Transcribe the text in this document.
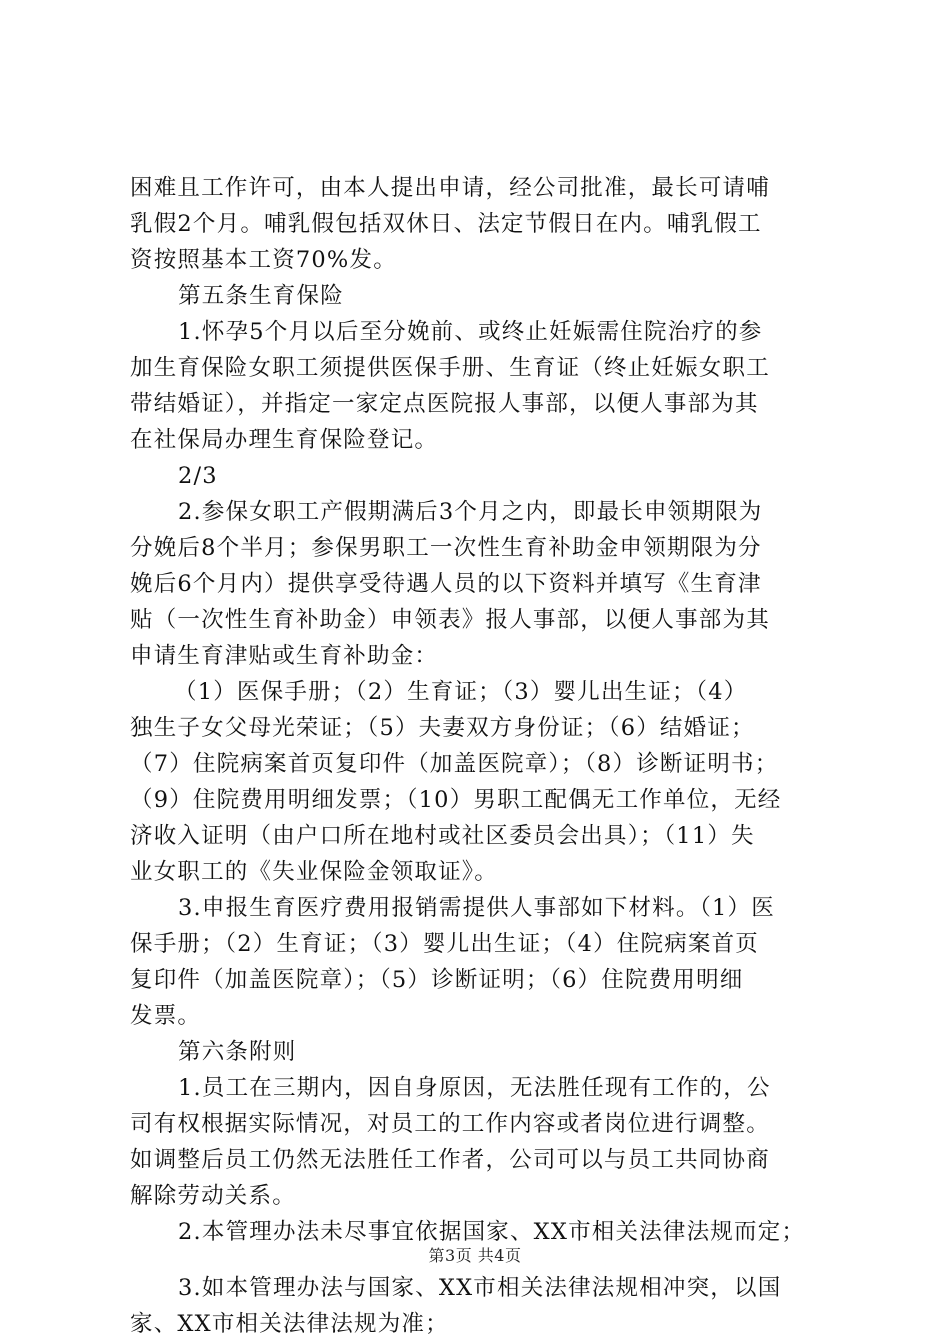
困难且工作许可，由本人提出申请，经公司批准，最长可请哺
乳假2个月。哺乳假包括双休日、法定节假日在内。哺乳假工
资按照基本工资70%发。
第五条生育保险
1.怀孕5个月以后至分娩前、或终止妊娠需住院治疗的参
加生育保险女职工须提供医保手册、生育证（终止妊娠女职工
带结婚证），并指定一家定点医院报人事部，以便人事部为其
在社保局办理生育保险登记。
2/3
2.参保女职工产假期满后3个月之内，即最长申领期限为
分娩后8个半月；参保男职工一次性生育补助金申领期限为分
娩后6个月内）提供享受待遇人员的以下资料并填写《生育津
贴（一次性生育补助金）申领表》报人事部，以便人事部为其
申请生育津贴或生育补助金：
（1）医保手册；（2）生育证；（3）婴儿出生证；（4）
独生子女父母光荣证；（5）夫妻双方身份证；（6）结婚证；
（7）住院病案首页复印件（加盖医院章）；（8）诊断证明书；
（9）住院费用明细发票；（10）男职工配偶无工作单位，无经
济收入证明（由户口所在地村或社区委员会出具）；（11）失
业女职工的《失业保险金领取证》。
3.申报生育医疗费用报销需提供人事部如下材料。（1）医
保手册；（2）生育证；（3）婴儿出生证；（4）住院病案首页
复印件（加盖医院章）；（5）诊断证明；（6）住院费用明细
发票。
第六条附则
1.员工在三期内，因自身原因，无法胜任现有工作的，公
司有权根据实际情况，对员工的工作内容或者岗位进行调整。
如调整后员工仍然无法胜任工作者，公司可以与员工共同协商
解除劳动关系。
2.本管理办法未尽事宜依据国家、XX市相关法律法规而定；
3.如本管理办法与国家、XX市相关法律法规相冲突，以国
家、XX市相关法律法规为准；
第3页 共4页
